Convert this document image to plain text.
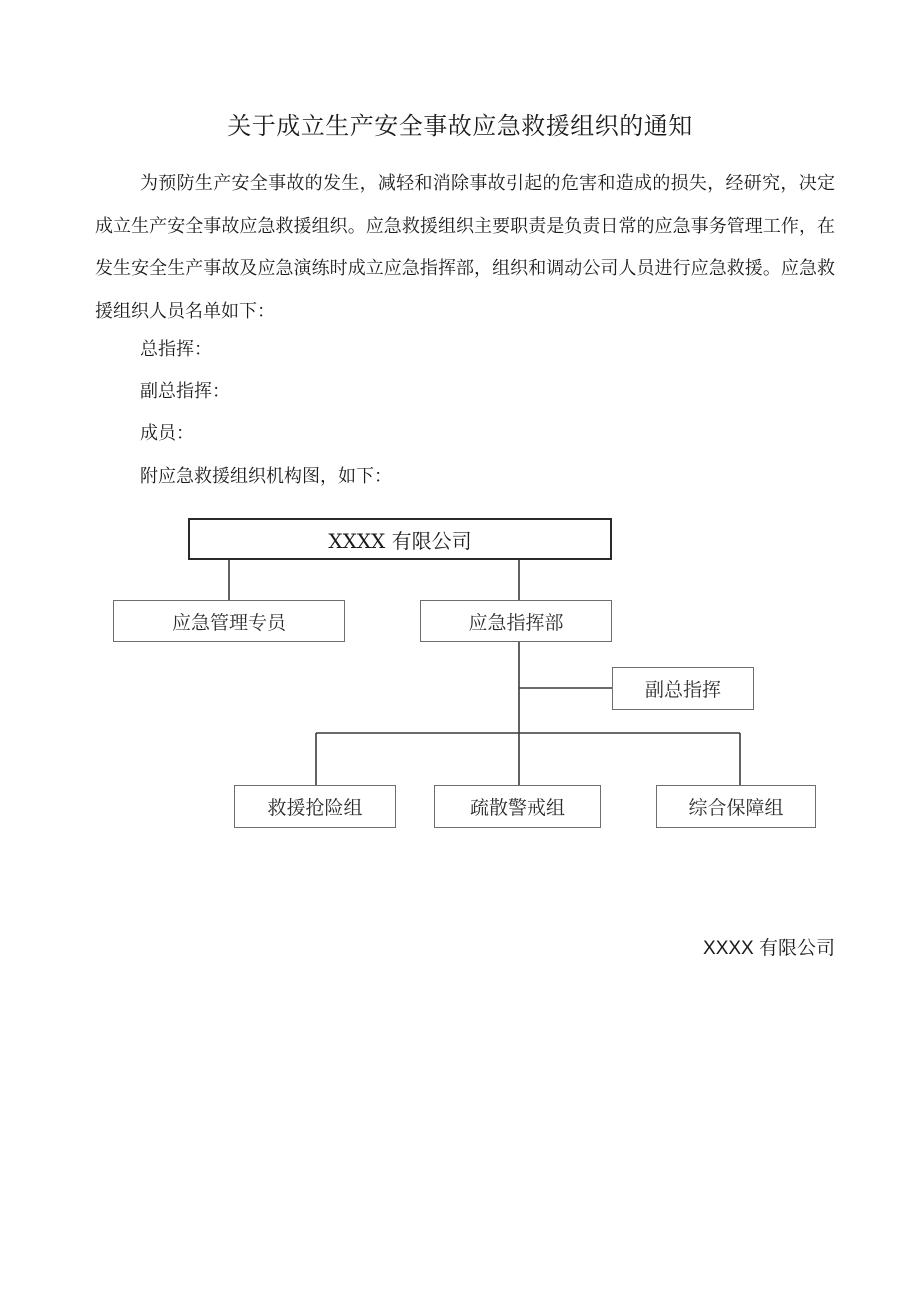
关于成立生产安全事故应急救援组织的通知

为预防生产安全事故的发生，减轻和消除事故引起的危害和造成的损失，经研究，决定成立生产安全事故应急救援组织。应急救援组织主要职责是负责日常的应急事务管理工作，在发生安全生产事故及应急演练时成立应急指挥部，组织和调动公司人员进行应急救援。应急救援组织人员名单如下：

总指挥：
副总指挥：
成员：
附应急救援组织机构图，如下：
XXXX 有限公司
应急管理专员	应急指挥部
副总指挥
救援抢险组	疏散警戒组	综合保障组
XXXX 有限公司
